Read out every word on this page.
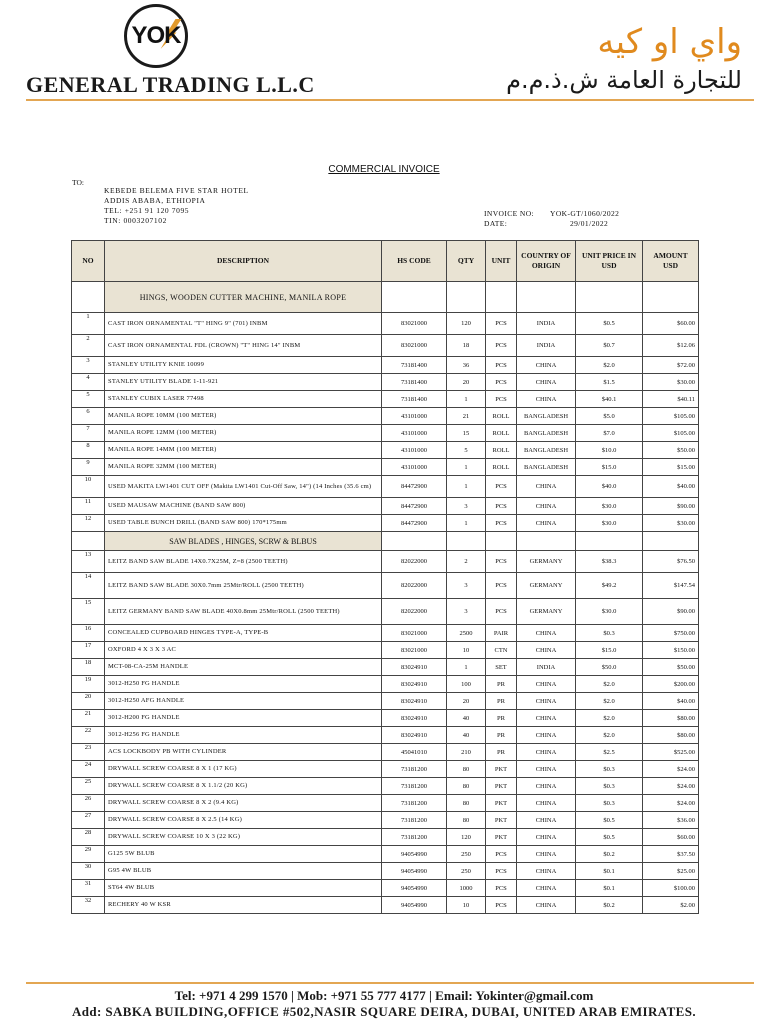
YOK
GENERAL TRADING L.L.C
واي او كيه
للتجارة العامة ش.ذ.م.م
COMMERCIAL INVOICE
TO:
KEBEDE BELEMA FIVE STAR HOTEL
ADDIS ABABA, ETHIOPIA
TEL: +251 91 120 7095
TIN: 0003207102
INVOICE NO:	YOK-GT/1060/2022
DATE:	29/01/2022
NO	DESCRIPTION	HS CODE	QTY	UNIT	COUNTRY OF ORIGIN	UNIT PRICE IN USD	AMOUNT USD
	HINGS, WOODEN CUTTER MACHINE, MANILA ROPE						
1	CAST IRON ORNAMENTAL "T" HING 9" (701) INBM	83021000	120	PCS	INDIA	$0.5	$60.00
2	CAST IRON ORNAMENTAL FDL (CROWN) "T" HING 14" INBM	83021000	18	PCS	INDIA	$0.7	$12.06
3	STANLEY UTILITY KNIE 10099	73181400	36	PCS	CHINA	$2.0	$72.00
4	STANLEY UTILITY BLADE 1-11-921	73181400	20	PCS	CHINA	$1.5	$30.00
5	STANLEY CUBIX LASER 77498	73181400	1	PCS	CHINA	$40.1	$40.11
6	MANILA ROPE 10MM (100 METER)	43101000	21	ROLL	BANGLADESH	$5.0	$105.00
7	MANILA ROPE 12MM (100 METER)	43101000	15	ROLL	BANGLADESH	$7.0	$105.00
8	MANILA ROPE 14MM (100 METER)	43101000	5	ROLL	BANGLADESH	$10.0	$50.00
9	MANILA ROPE 32MM (100 METER)	43101000	1	ROLL	BANGLADESH	$15.0	$15.00
10	USED MAKITA LW1401 CUT OFF (Makita LW1401 Cut-Off Saw, 14") (14 Inches (35.6 cm)	84472900	1	PCS	CHINA	$40.0	$40.00
11	USED MAUSAW MACHINE (BAND SAW 800)	84472900	3	PCS	CHINA	$30.0	$90.00
12	USED TABLE BUNCH DRILL (BAND SAW 800) 170*175mm	84472900	1	PCS	CHINA	$30.0	$30.00
	SAW BLADES , HINGES, SCRW & BLBUS						
13	LEITZ BAND SAW BLADE 14X0.7X25M, Z=8 (2500 TEETH)	82022000	2	PCS	GERMANY	$38.3	$76.50
14	LEITZ BAND SAW BLADE 30X0.7mm 25Mtr/ROLL (2500 TEETH)	82022000	3	PCS	GERMANY	$49.2	$147.54
15	LEITZ GERMANY BAND SAW BLADE 40X0.8mm 25Mtr/ROLL (2500 TEETH)	82022000	3	PCS	GERMANY	$30.0	$90.00
16	CONCEALED CUPBOARD HINGES TYPE-A, TYPE-B	83021000	2500	PAIR	CHINA	$0.3	$750.00
17	OXFORD 4 X 3 X 3 AC	83021000	10	CTN	CHINA	$15.0	$150.00
18	MCT-08-CA-25M HANDLE	83024910	1	SET	INDIA	$50.0	$50.00
19	3012-H250 FG HANDLE	83024910	100	PR	CHINA	$2.0	$200.00
20	3012-H250 AFG HANDLE	83024910	20	PR	CHINA	$2.0	$40.00
21	3012-H200 FG HANDLE	83024910	40	PR	CHINA	$2.0	$80.00
22	3012-H256 FG HANDLE	83024910	40	PR	CHINA	$2.0	$80.00
23	ACS LOCKBODY PB WITH CYLINDER	45041010	210	PR	CHINA	$2.5	$525.00
24	DRYWALL SCREW COARSE 8 X 1 (17 KG)	73181200	80	PKT	CHINA	$0.3	$24.00
25	DRYWALL SCREW COARSE 8 X 1.1/2 (20 KG)	73181200	80	PKT	CHINA	$0.3	$24.00
26	DRYWALL SCREW COARSE 8 X 2 (9.4 KG)	73181200	80	PKT	CHINA	$0.3	$24.00
27	DRYWALL SCREW COARSE 8 X 2.5 (14 KG)	73181200	80	PKT	CHINA	$0.5	$36.00
28	DRYWALL SCREW COARSE 10 X 3 (22 KG)	73181200	120	PKT	CHINA	$0.5	$60.00
29	G125 5W BLUB	94054990	250	PCS	CHINA	$0.2	$37.50
30	G95 4W BLUB	94054990	250	PCS	CHINA	$0.1	$25.00
31	ST64 4W BLUB	94054990	1000	PCS	CHINA	$0.1	$100.00
32	RECHERY 40 W KSR	94054990	10	PCS	CHINA	$0.2	$2.00
Tel: +971 4 299 1570 | Mob: +971 55 777 4177 | Email: Yokinter@gmail.com
Add: SABKA BUILDING,OFFICE #502,NASIR SQUARE DEIRA, DUBAI, UNITED ARAB EMIRATES.
